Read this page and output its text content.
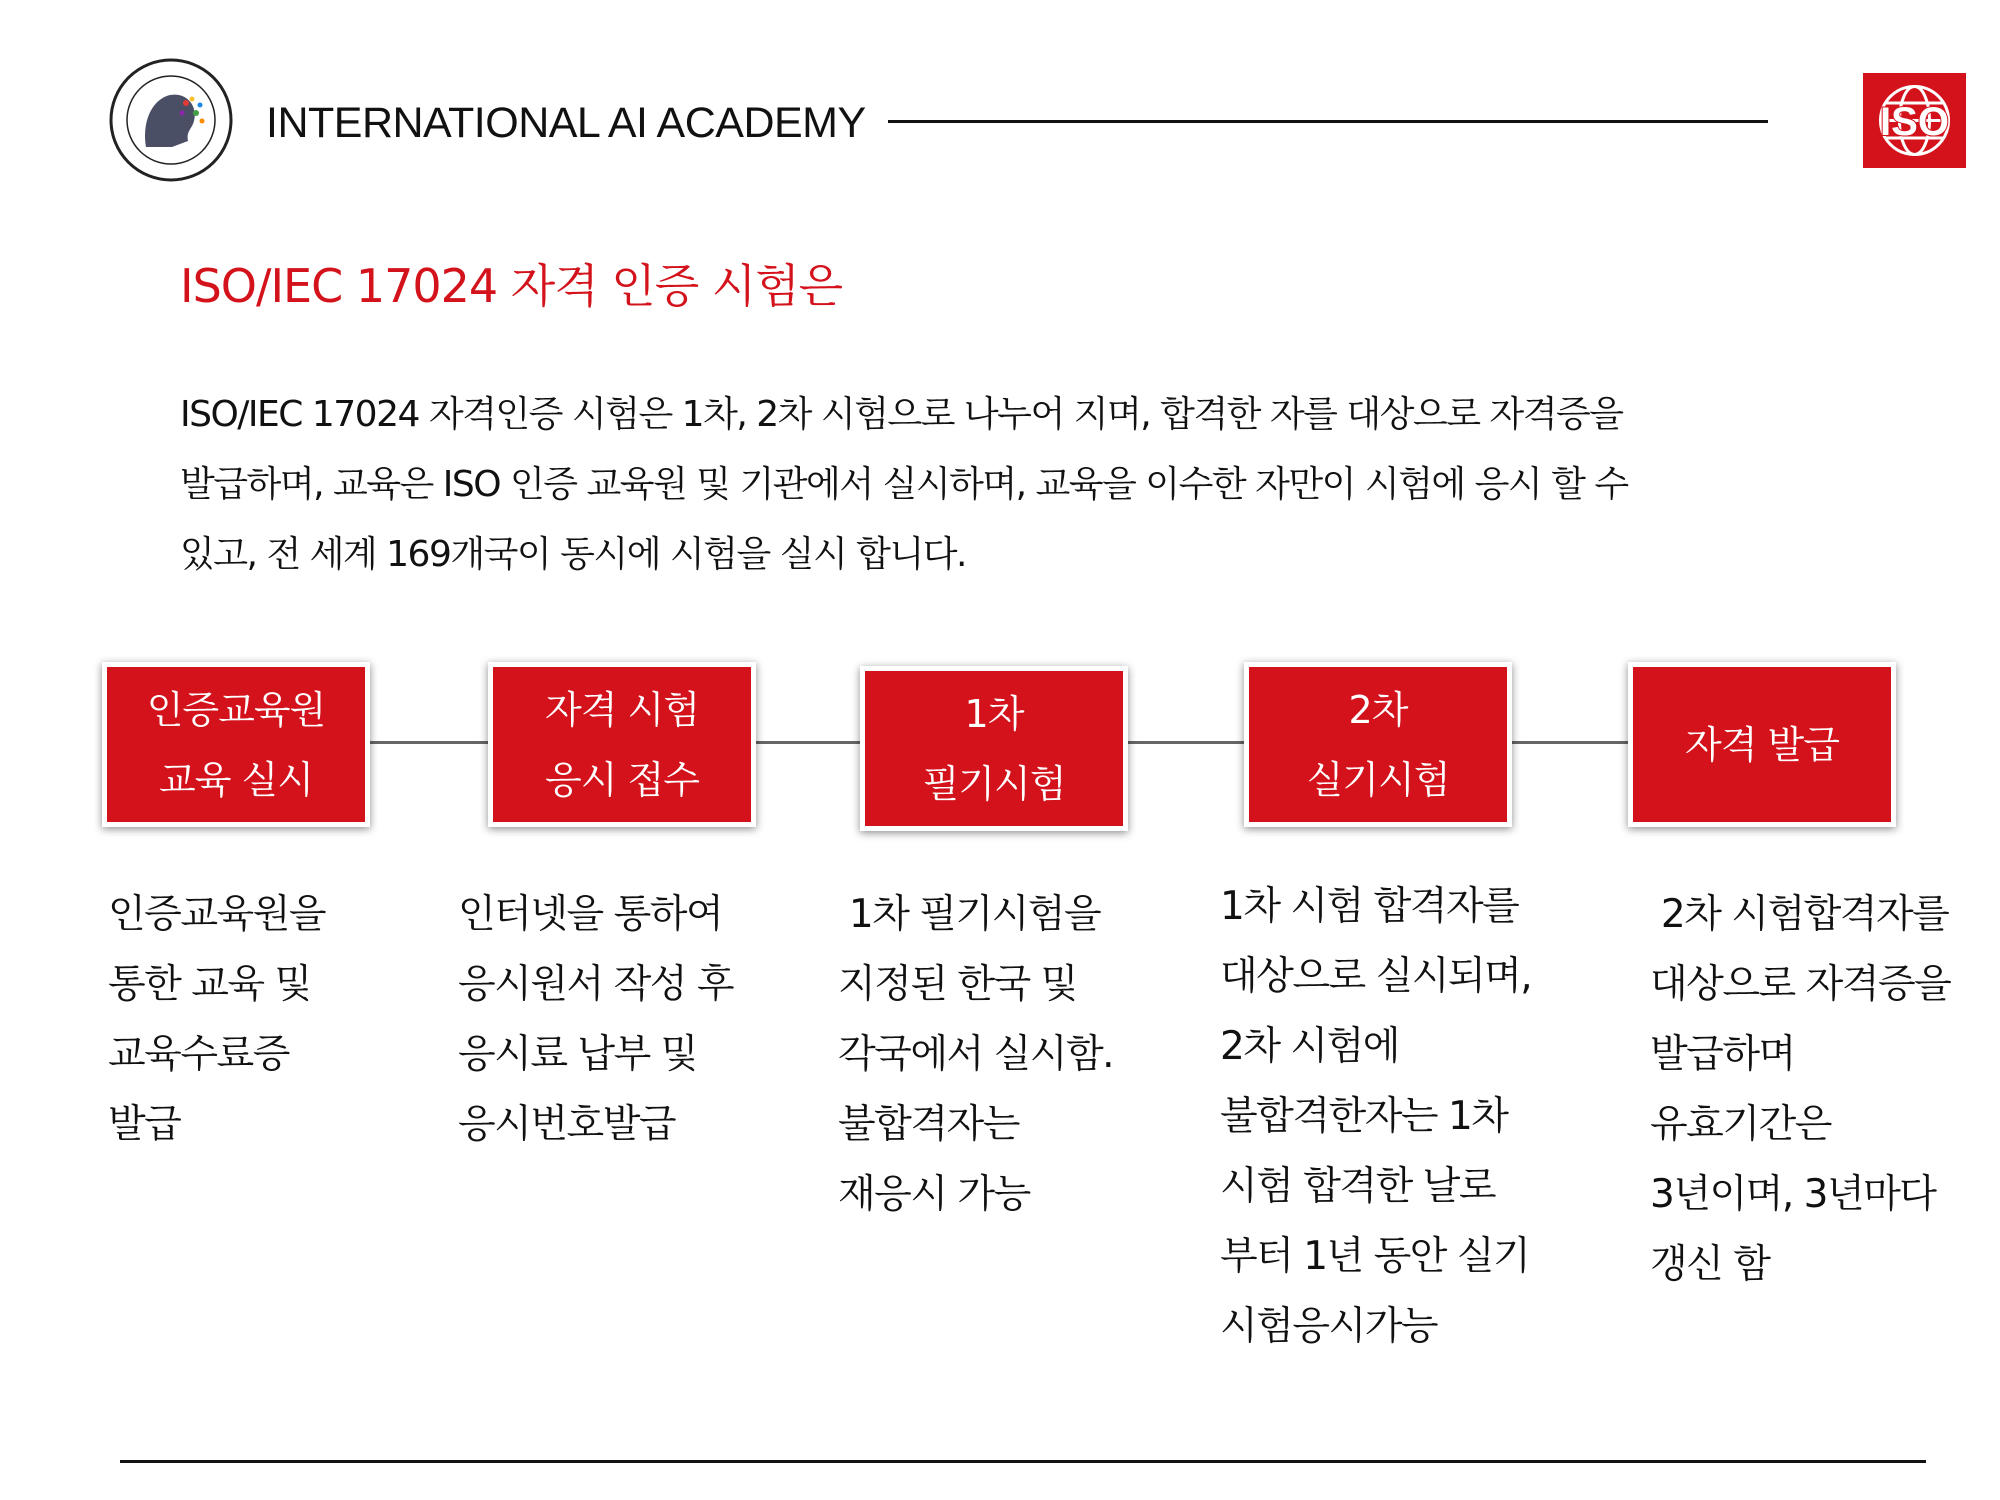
INTERNATIONAL AI ACADEMY	ISO
ISO/IEC 17024 자격 인증 시험은

ISO/IEC 17024 자격인증 시험은 1차, 2차 시험으로 나누어 지며, 합격한 자를 대상으로 자격증을
발급하며, 교육은 ISO 인증 교육원 및 기관에서 실시하며, 교육을 이수한 자만이 시험에 응시 할 수
있고, 전 세계 169개국이 동시에 시험을 실시 합니다.

인증교육원
교육 실시
자격 시험
응시 접수
1차
필기시험
2차
실기시험
자격 발급

인증교육원을
통한 교육 및
교육수료증
발급

인터넷을 통하여
응시원서 작성 후
응시료 납부 및
응시번호발급

1차 필기시험을
지정된 한국 및
각국에서 실시함.
불합격자는
재응시 가능

1차 시험 합격자를
대상으로 실시되며,
2차 시험에
불합격한자는 1차
시험 합격한 날로
부터 1년 동안 실기
시험응시가능

2차 시험합격자를
대상으로 자격증을
발급하며
유효기간은
3년이며, 3년마다
갱신 함
